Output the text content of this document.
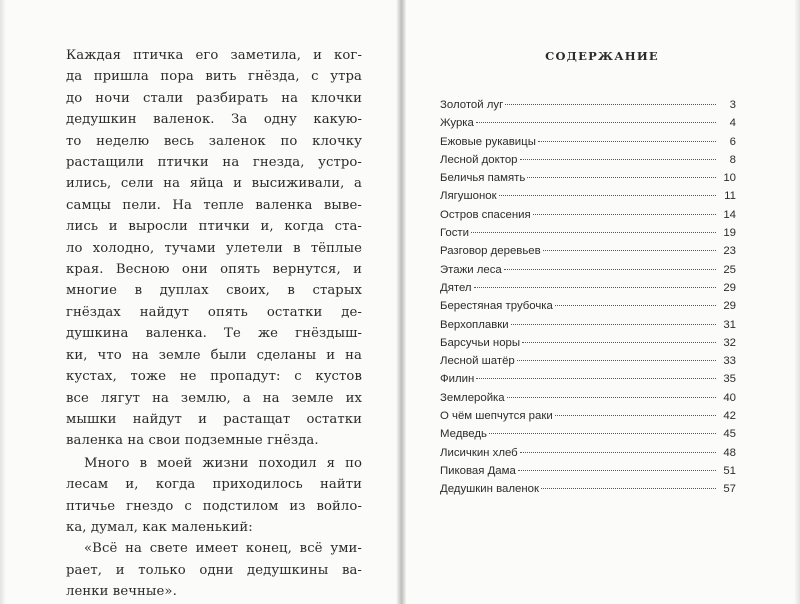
Каждая птичка его заметила, и ког-
да пришла пора вить гнёзда, с утра
до ночи стали разбирать на клочки
дедушкин валенок. За одну какую-
то неделю весь заленок по клочку
растащили птички на гнезда, устро-
ились, сели на яйца и высиживали, а
самцы пели. На тепле валенка выве-
лись и выросли птички и, когда ста-
ло холодно, тучами улетели в тёплые
края. Весною они опять вернутся, и
многие в дуплах своих, в старых
гнёздах найдут опять остатки де-
душкина валенка. Те же гнёздыш-
ки, что на земле были сделаны и на
кустах, тоже не пропадут: с кустов
все лягут на землю, а на земле их
мышки найдут и растащат остатки
валенка на свои подземные гнёзда.

Много в моей жизни походил я по
лесам и, когда приходилось найти
птичье гнездо с подстилом из войло-
ка, думал, как маленький:

«Всё на свете имеет конец, всё уми-
рает, и только одни дедушкины ва-
ленки вечные».

СОДЕРЖАНИЕ
Золотой луг	3
Журка	4
Ежовые рукавицы	6
Лесной доктор	8
Беличья память	10
Лягушонок	11
Остров спасения	14
Гости	19
Разговор деревьев	23
Этажи леса	25
Дятел	29
Берестяная трубочка	29
Верхоплавки	31
Барсучьи норы	32
Лесной шатёр	33
Филин	35
Землеройка	40
О чём шепчутся раки	42
Медведь	45
Лисичкин хлеб	48
Пиковая Дама	51
Дедушкин валенок	57
